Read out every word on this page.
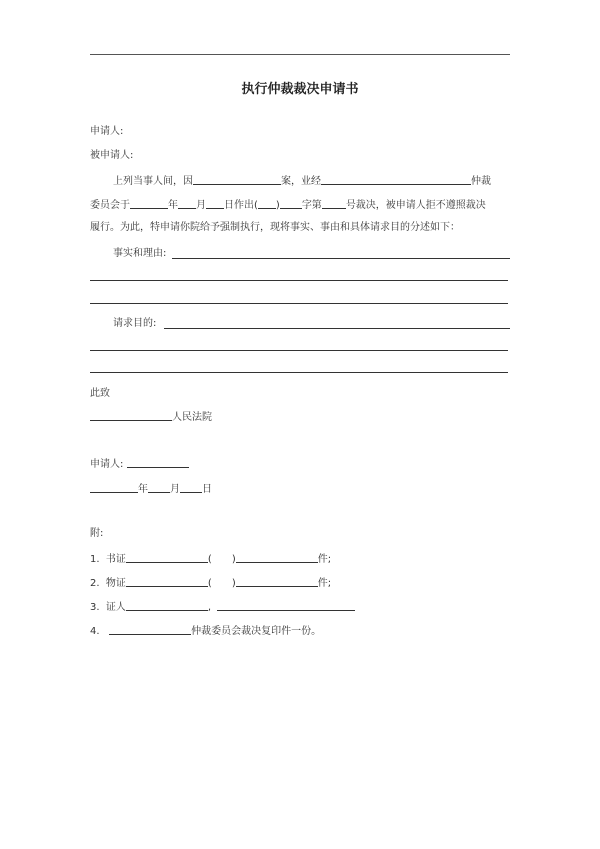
执行仲裁裁决申请书
申请人:
被申请人:
上列当事人间，因	案，业经	仲裁
委员会于	年 月 日作出( ) 字第 号裁决，被申请人拒不遵照裁决
履行。为此，特申请你院给予强制执行，现将事实、事由和具体请求目的分述如下：
事实和理由:
请求目的:
此致
人民法院
申请人:
年 月 日
附:
1. 书证	( )	件;
2. 物证	( )	件;
3. 证人	,
4.	仲裁委员会裁决复印件一份。
